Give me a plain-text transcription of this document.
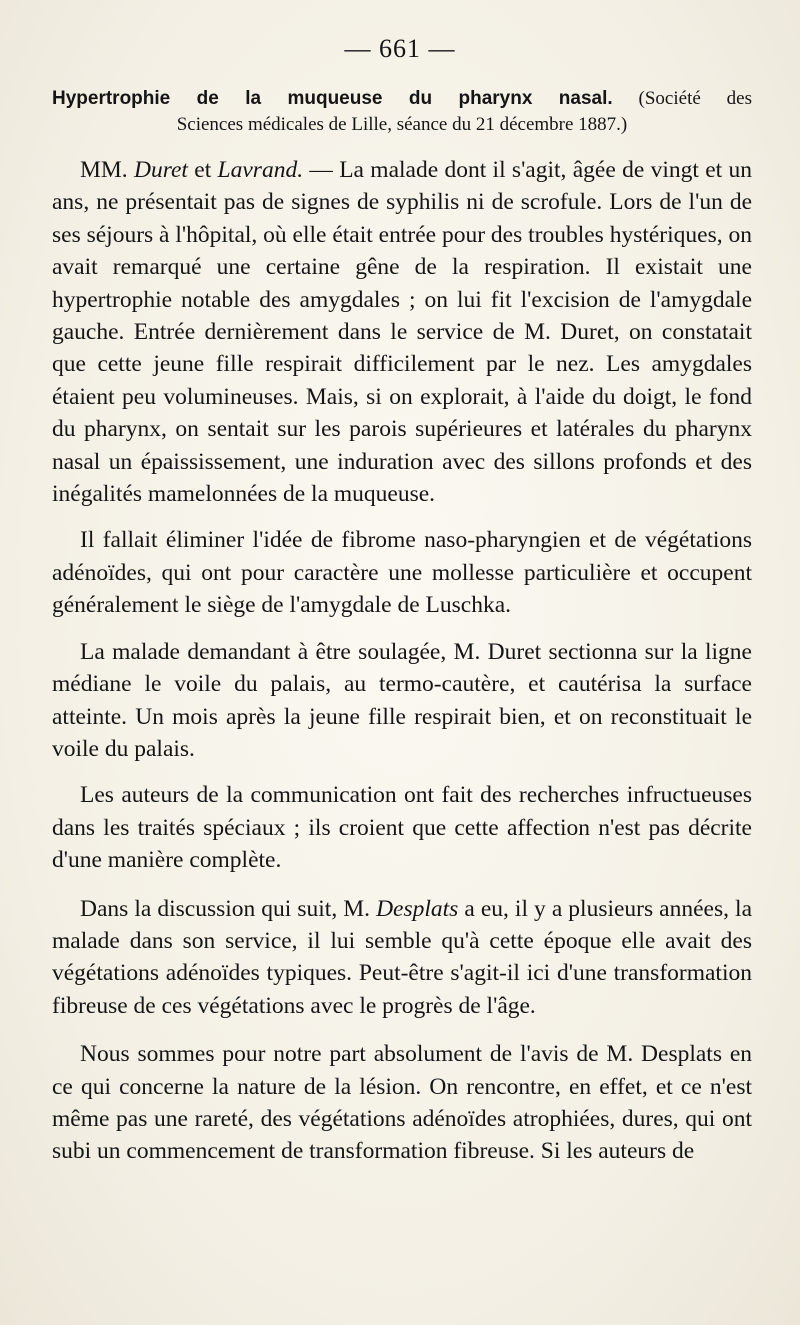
— 661 —
Hypertrophie de la muqueuse du pharynx nasal. (Société des
Sciences médicales de Lille, séance du 21 décembre 1887.)

MM. Duret et Lavrand. — La malade dont il s'agit, âgée de vingt et un ans, ne présentait pas de signes de syphilis ni de scrofule. Lors de l'un de ses séjours à l'hôpital, où elle était entrée pour des troubles hystériques, on avait remarqué une certaine gêne de la respiration. Il existait une hypertrophie notable des amygdales ; on lui fit l'excision de l'amygdale gauche. Entrée dernièrement dans le service de M. Duret, on constatait que cette jeune fille respirait difficilement par le nez. Les amygdales étaient peu volumineuses. Mais, si on explorait, à l'aide du doigt, le fond du pharynx, on sentait sur les parois supérieures et latérales du pharynx nasal un épaississement, une induration avec des sillons profonds et des inégalités mamelonnées de la muqueuse.

Il fallait éliminer l'idée de fibrome naso-pharyngien et de végétations adénoïdes, qui ont pour caractère une mollesse particulière et occupent généralement le siège de l'amygdale de Luschka.

La malade demandant à être soulagée, M. Duret sectionna sur la ligne médiane le voile du palais, au termo-cautère, et cautérisa la surface atteinte. Un mois après la jeune fille respirait bien, et on reconstituait le voile du palais.

Les auteurs de la communication ont fait des recherches infructueuses dans les traités spéciaux ; ils croient que cette affection n'est pas décrite d'une manière complète.

Dans la discussion qui suit, M. Desplats a eu, il y a plusieurs années, la malade dans son service, il lui semble qu'à cette époque elle avait des végétations adénoïdes typiques. Peut-être s'agit-il ici d'une transformation fibreuse de ces végétations avec le progrès de l'âge.

Nous sommes pour notre part absolument de l'avis de M. Desplats en ce qui concerne la nature de la lésion. On rencontre, en effet, et ce n'est même pas une rareté, des végétations adénoïdes atrophiées, dures, qui ont subi un commencement de transformation fibreuse. Si les auteurs de
